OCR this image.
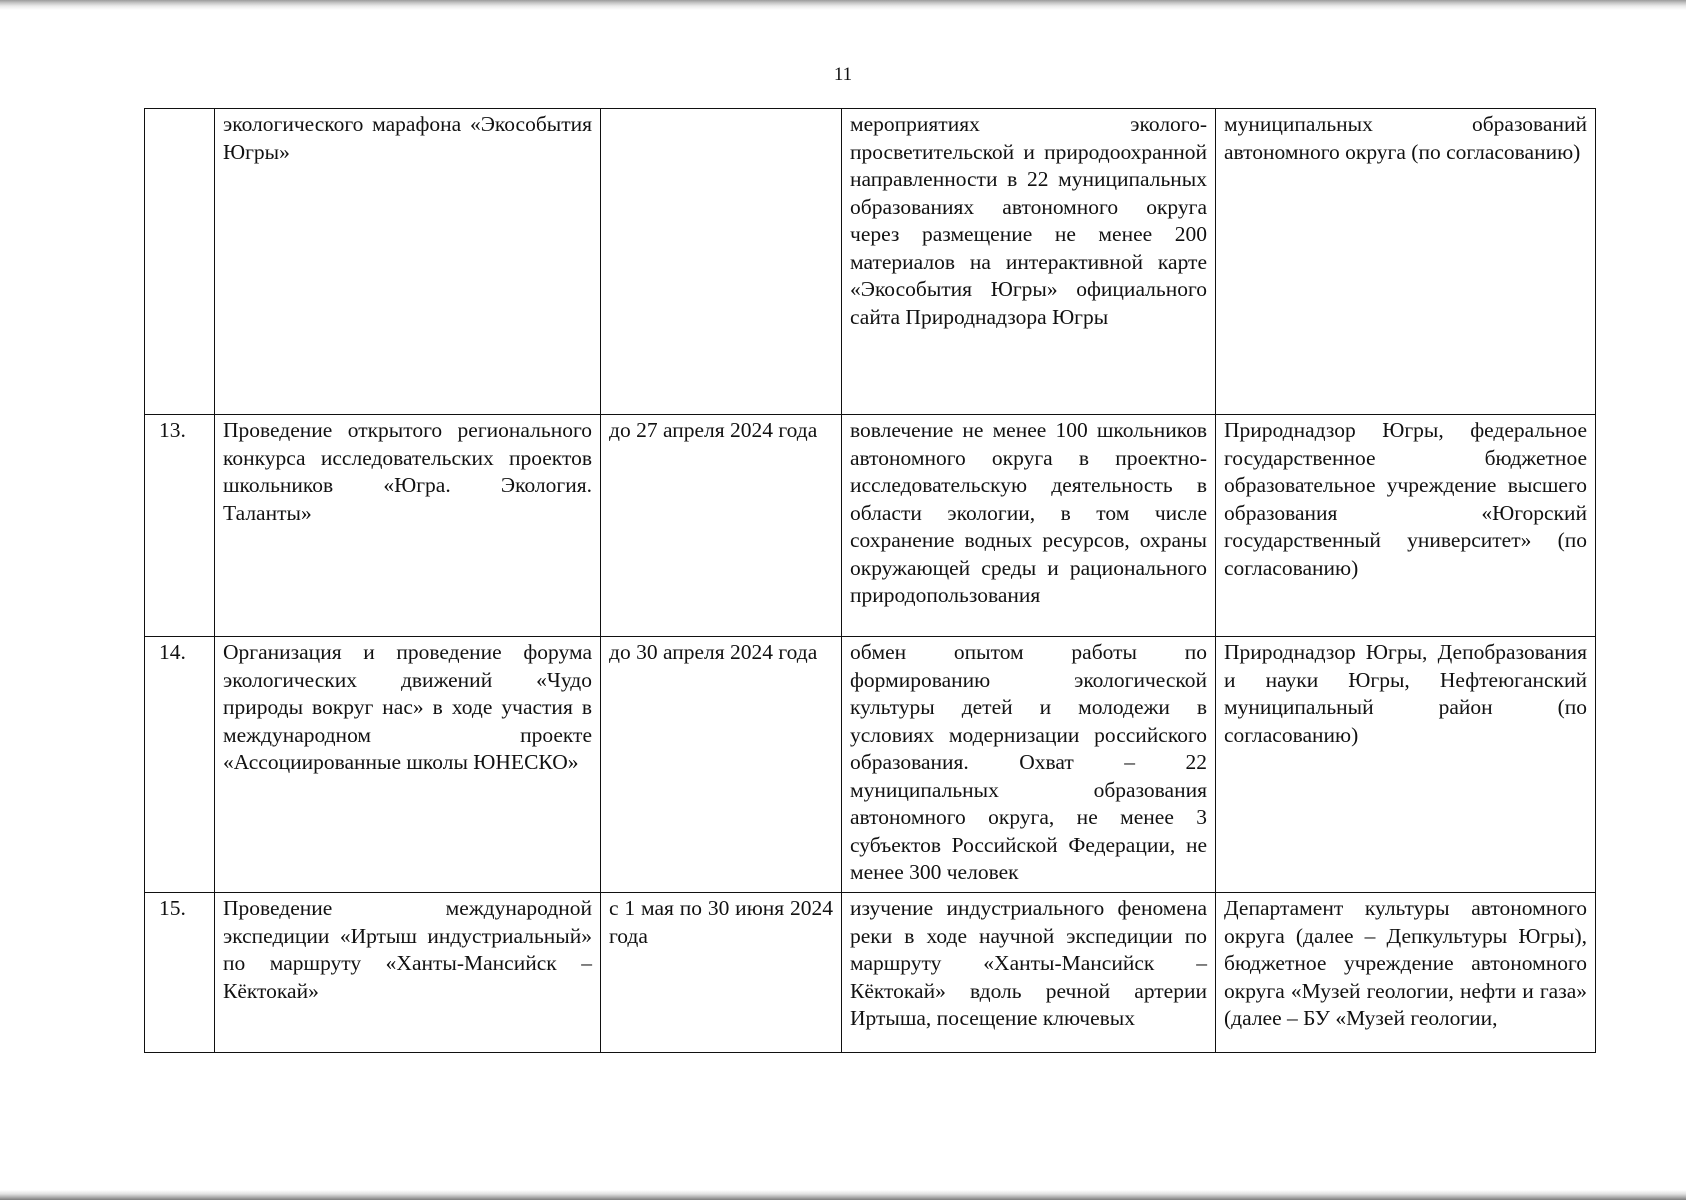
11
	экологического марафона «Экособытия Югры»		мероприятиях эколого-просветительской и природоохранной направленности в 22 муниципальных образованиях автономного округа через размещение не менее 200 материалов на интерактивной карте «Экособытия Югры» официального сайта Природнадзора Югры	муниципальных образований автономного округа (по согласованию)
13.	Проведение открытого регионального конкурса исследовательских проектов школьников «Югра. Экология. Таланты»	до 27 апреля 2024 года	вовлечение не менее 100 школьников автономного округа в проектно-исследовательскую деятельность в области экологии, в том числе сохранение водных ресурсов, охраны окружающей среды и рационального природопользования	Природнадзор Югры, федеральное государственное бюджетное образовательное учреждение высшего образования «Югорский государственный университет» (по согласованию)
14.	Организация и проведение форума экологических движений «Чудо природы вокруг нас» в ходе участия в международном проекте «Ассоциированные школы ЮНЕСКО»	до 30 апреля 2024 года	обмен опытом работы по формированию экологической культуры детей и молодежи в условиях модернизации российского образования. Охват – 22 муниципальных образования автономного округа, не менее 3 субъектов Российской Федерации, не менее 300 человек	Природнадзор Югры, Депобразования и науки Югры, Нефтеюганский муниципальный район (по согласованию)
15.	Проведение международной экспедиции «Иртыш индустриальный» по маршруту «Ханты-Мансийск – Кёктокай»	с 1 мая по 30 июня 2024 года	изучение индустриального феномена реки в ходе научной экспедиции по маршруту «Ханты-Мансийск – Кёктокай» вдоль речной артерии Иртыша, посещение ключевых	Департамент культуры автономного округа (далее – Депкультуры Югры), бюджетное учреждение автономного округа «Музей геологии, нефти и газа» (далее – БУ «Музей геологии,
